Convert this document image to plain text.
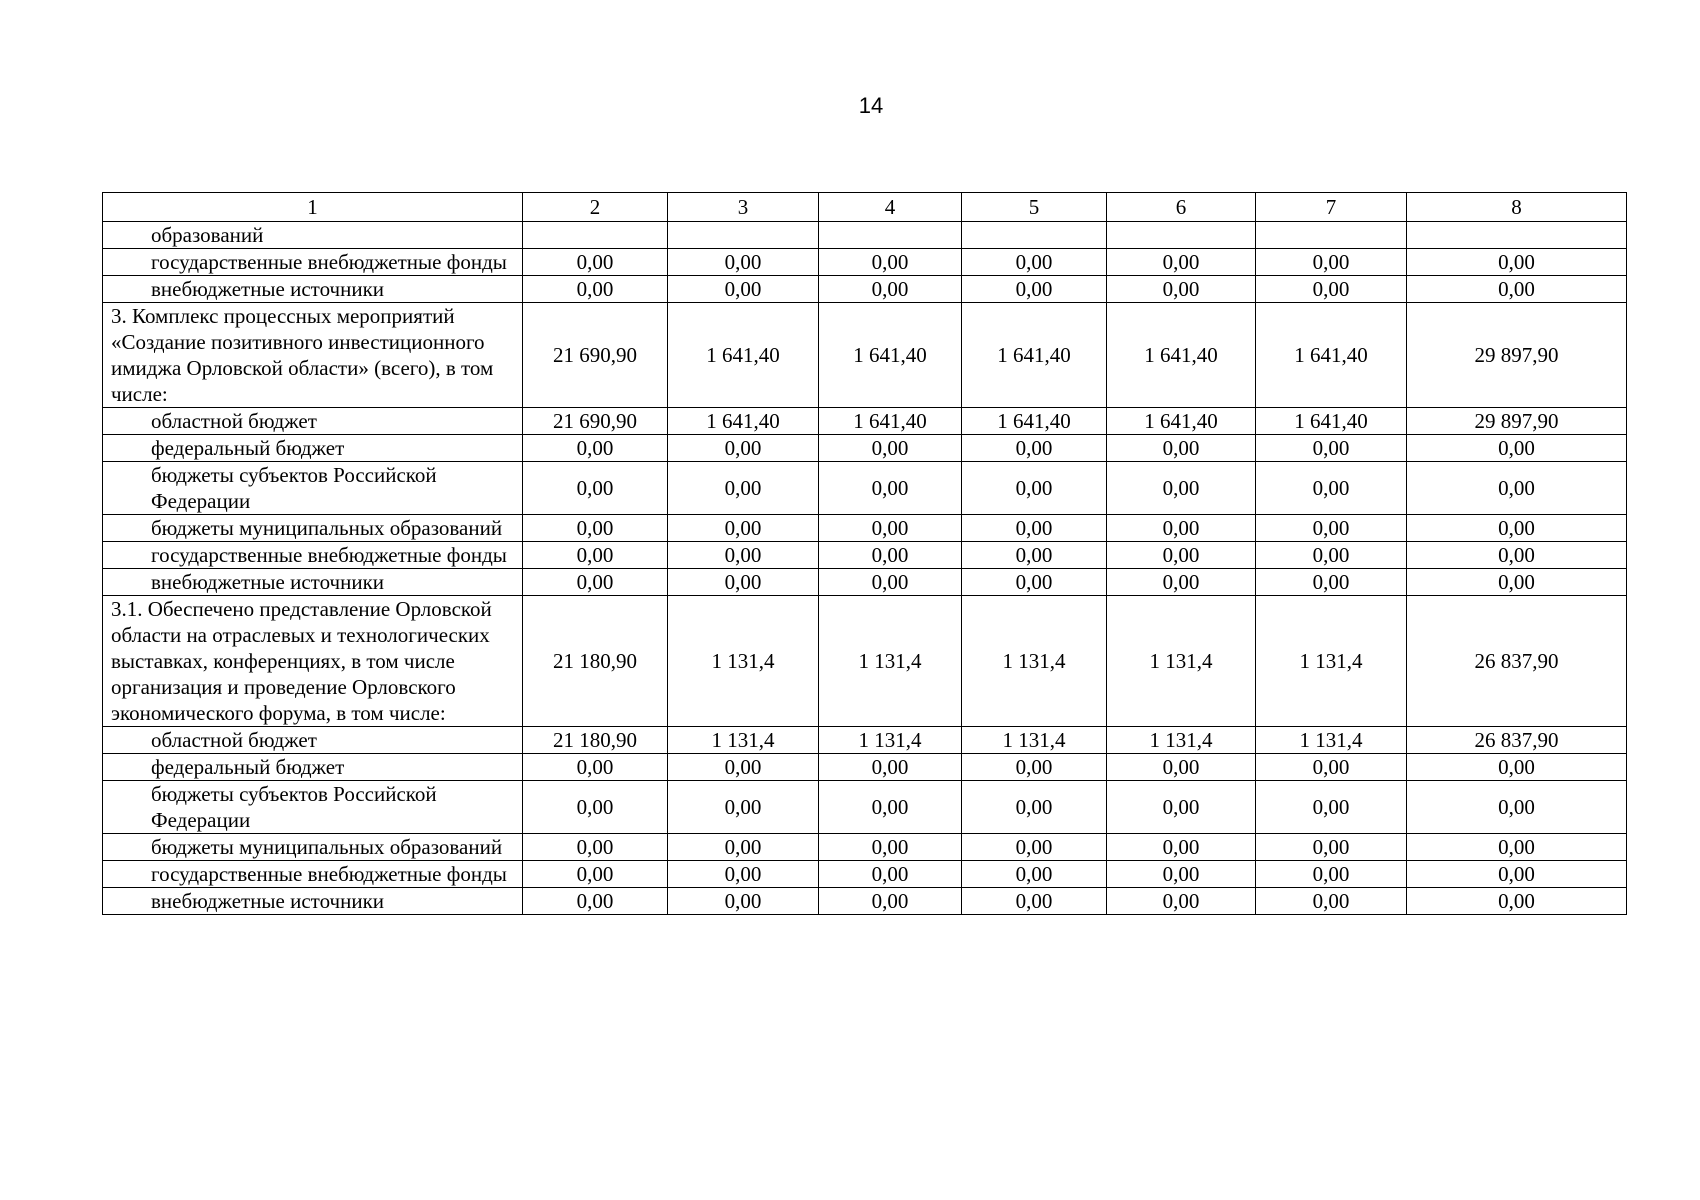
14
1	2	3	4	5	6	7	8
образований							
государственные внебюджетные фонды	0,00	0,00	0,00	0,00	0,00	0,00	0,00
внебюджетные источники	0,00	0,00	0,00	0,00	0,00	0,00	0,00
3. Комплекс процессных мероприятий «Создание позитивного инвестиционного имиджа Орловской области» (всего), в том числе:	21 690,90	1 641,40	1 641,40	1 641,40	1 641,40	1 641,40	29 897,90
областной бюджет	21 690,90	1 641,40	1 641,40	1 641,40	1 641,40	1 641,40	29 897,90
федеральный бюджет	0,00	0,00	0,00	0,00	0,00	0,00	0,00
бюджеты субъектов Российской Федерации	0,00	0,00	0,00	0,00	0,00	0,00	0,00
бюджеты муниципальных образований	0,00	0,00	0,00	0,00	0,00	0,00	0,00
государственные внебюджетные фонды	0,00	0,00	0,00	0,00	0,00	0,00	0,00
внебюджетные источники	0,00	0,00	0,00	0,00	0,00	0,00	0,00
3.1. Обеспечено представление Орловской области на отраслевых и технологических выставках, конференциях, в том числе организация и проведение Орловского экономического форума, в том числе:	21 180,90	1 131,4	1 131,4	1 131,4	1 131,4	1 131,4	26 837,90
областной бюджет	21 180,90	1 131,4	1 131,4	1 131,4	1 131,4	1 131,4	26 837,90
федеральный бюджет	0,00	0,00	0,00	0,00	0,00	0,00	0,00
бюджеты субъектов Российской Федерации	0,00	0,00	0,00	0,00	0,00	0,00	0,00
бюджеты муниципальных образований	0,00	0,00	0,00	0,00	0,00	0,00	0,00
государственные внебюджетные фонды	0,00	0,00	0,00	0,00	0,00	0,00	0,00
внебюджетные источники	0,00	0,00	0,00	0,00	0,00	0,00	0,00
